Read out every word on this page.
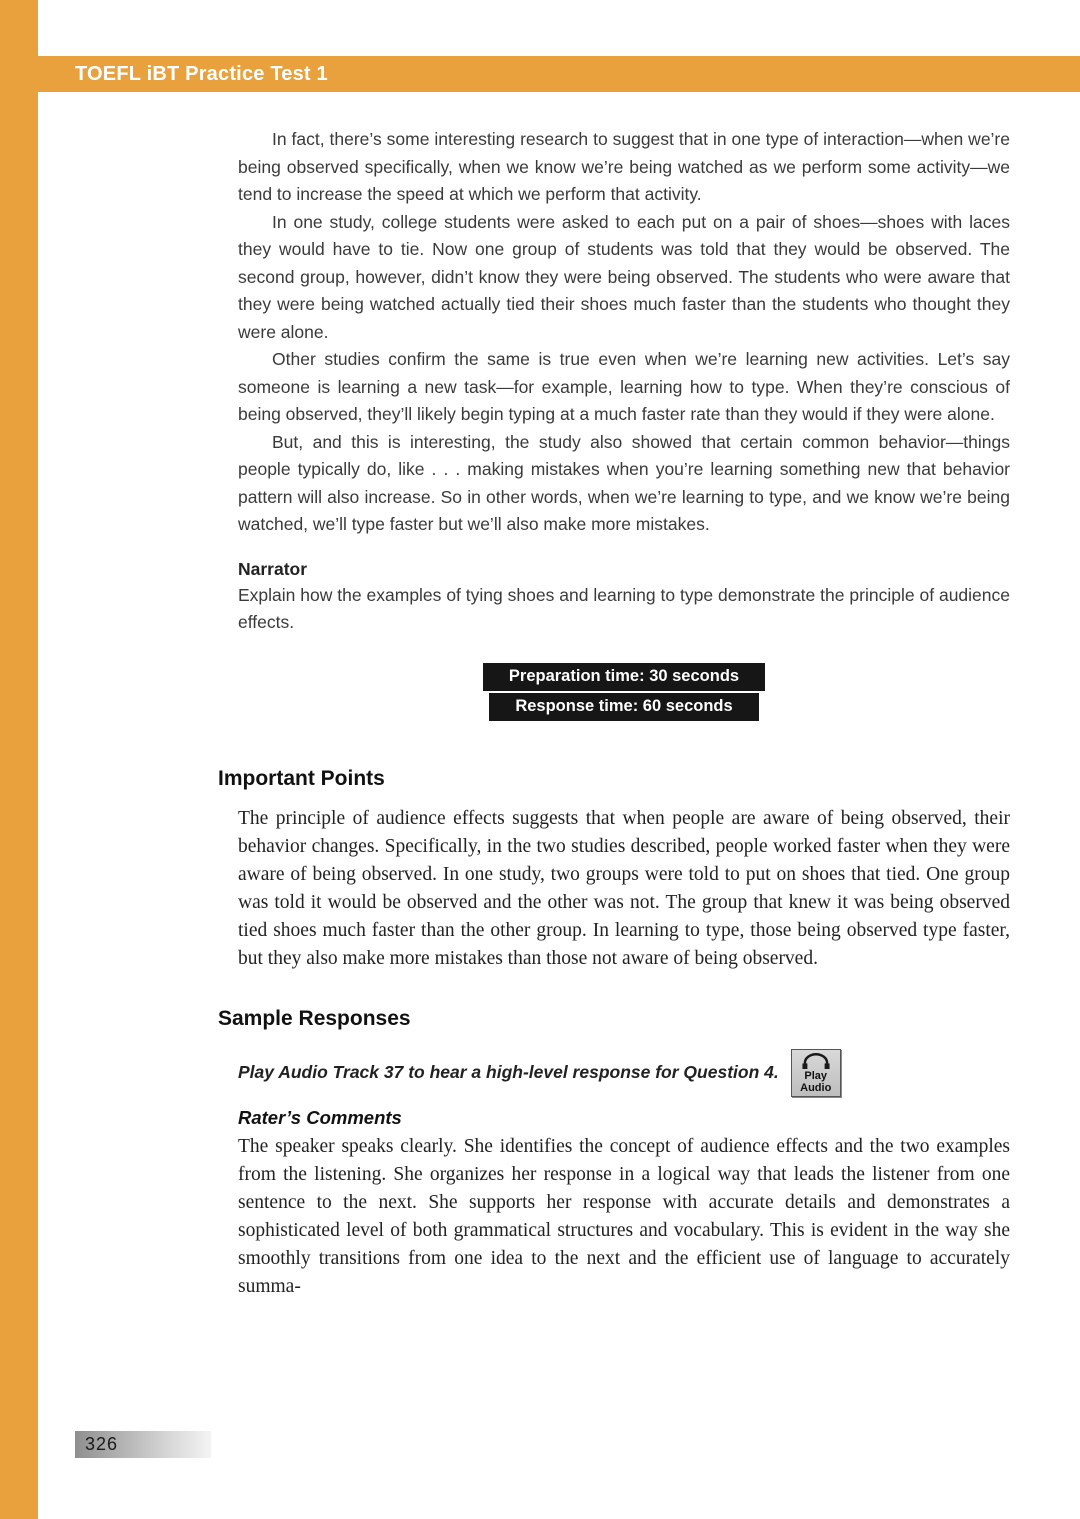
TOEFL iBT Practice Test 1

In fact, there’s some interesting research to suggest that in one type of interaction—when we’re being observed specifically, when we know we’re being watched as we perform some activity—we tend to increase the speed at which we perform that activity.

In one study, college students were asked to each put on a pair of shoes—shoes with laces they would have to tie. Now one group of students was told that they would be observed. The second group, however, didn’t know they were being observed. The students who were aware that they were being watched actually tied their shoes much faster than the students who thought they were alone.

Other studies confirm the same is true even when we’re learning new activities. Let’s say someone is learning a new task—for example, learning how to type. When they’re conscious of being observed, they’ll likely begin typing at a much faster rate than they would if they were alone.

But, and this is interesting, the study also showed that certain common behavior—things people typically do, like . . . making mistakes when you’re learning something new that behavior pattern will also increase. So in other words, when we’re learning to type, and we know we’re being watched, we’ll type faster but we’ll also make more mistakes.

Narrator
Explain how the examples of tying shoes and learning to type demonstrate the principle of audience effects.
Preparation time: 30 seconds
Response time: 60 seconds
Important Points
The principle of audience effects suggests that when people are aware of being observed, their behavior changes. Specifically, in the two studies described, people worked faster when they were aware of being observed. In one study, two groups were told to put on shoes that tied. One group was told it would be observed and the other was not. The group that knew it was being observed tied shoes much faster than the other group. In learning to type, those being observed type faster, but they also make more mistakes than those not aware of being observed.
Sample Responses
Play Audio Track 37 to hear a high-level response for Question 4.	Play
Audio
Rater’s Comments
The speaker speaks clearly. She identifies the concept of audience effects and the two examples from the listening. She organizes her response in a logical way that leads the listener from one sentence to the next. She supports her response with accurate details and demonstrates a sophisticated level of both grammatical structures and vocabulary. This is evident in the way she smoothly transitions from one idea to the next and the efficient use of language to accurately summa-
326
